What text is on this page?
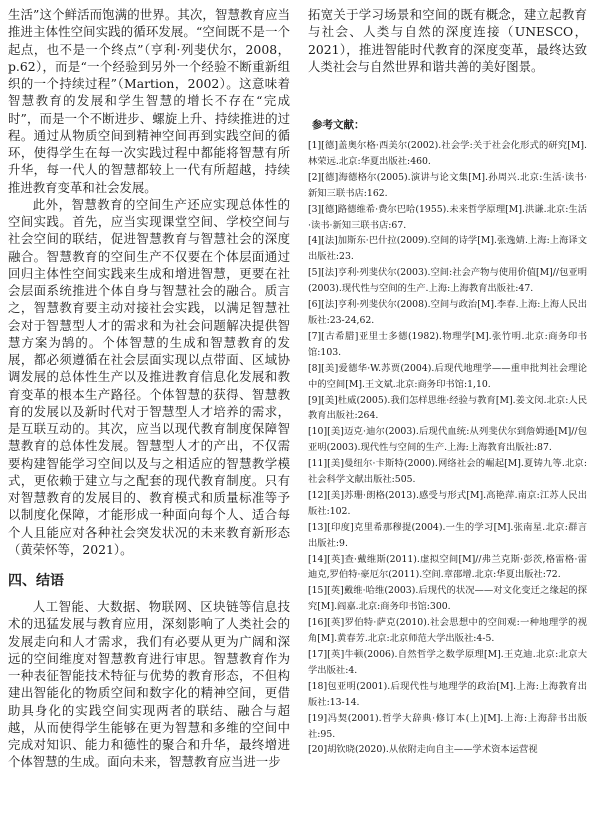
生活”这个鲜活而饱满的世界。其次，智慧教育应当推进主体性空间实践的循环发展。“空间既不是一个起点，也不是一个终点”（亨利·列斐伏尔，2008，p.62），而是“一个经验到另外一个经验不断重新组织的一个持续过程”（Martion，2002）。这意味着智慧教育的发展和学生智慧的增长不存在“完成时”，而是一个不断进步、螺旋上升、持续推进的过程。通过从物质空间到精神空间再到实践空间的循环，使得学生在每一次实践过程中都能将智慧有所升华，每一代人的智慧都较上一代有所超越，持续推进教育变革和社会发展。

此外，智慧教育的空间生产还应实现总体性的空间实践。首先，应当实现课堂空间、学校空间与社会空间的联结，促进智慧教育与智慧社会的深度融合。智慧教育的空间生产不仅要在个体层面通过回归主体性空间实践来生成和增进智慧，更要在社会层面系统推进个体自身与智慧社会的融合。质言之，智慧教育要主动对接社会实践，以满足智慧社会对于智慧型人才的需求和为社会问题解决提供智慧方案为鹄的。个体智慧的生成和智慧教育的发展，都必须遵循在社会层面实现以点带面、区域协调发展的总体性生产以及推进教育信息化发展和教育变革的根本生产路径。个体智慧的获得、智慧教育的发展以及新时代对于智慧型人才培养的需求，是互联互动的。其次，应当以现代教育制度保障智慧教育的总体性发展。智慧型人才的产出，不仅需要构建智能学习空间以及与之相适应的智慧教学模式，更依赖于建立与之配套的现代教育制度。只有对智慧教育的发展目的、教育模式和质量标准等予以制度化保障，才能形成一种面向每个人、适合每个人且能应对各种社会突发状况的未来教育新形态（黄荣怀等，2021）。

四、结语

人工智能、大数据、物联网、区块链等信息技术的迅猛发展与教育应用，深刻影响了人类社会的发展走向和人才需求，我们有必要从更为广阔和深远的空间维度对智慧教育进行审思。智慧教育作为一种表征智能技术特征与优势的教育形态，不但构建出智能化的物质空间和数字化的精神空间，更借助具身化的实践空间实现两者的联结、融合与超越，从而使得学生能够在更为智慧和多维的空间中完成对知识、能力和德性的聚合和升华，最终增进个体智慧的生成。面向未来，智慧教育应当进一步

拓宽关于学习场景和空间的既有概念，建立起教育与社会、人类与自然的深度连接（UNESCO，2021），推进智能时代教育的深度变革，最终达致人类社会与自然世界和谐共善的美好图景。

参考文献：

[1][德]盖奥尔格·西美尔(2002).社会学:关于社会化形式的研究[M].林荣远.北京:华夏出版社:460.

[2][德]海德格尔(2005).演讲与论文集[M].孙周兴.北京:生活·读书·新知三联书店:162.

[3][德]路德维希·费尔巴哈(1955).未来哲学原理[M].洪谦.北京:生活·读书·新知三联书店:67.

[4][法]加斯东·巴什拉(2009).空间的诗学[M].张逸婧.上海:上海译文出版社:23.

[5][法]亨利·列斐伏尔(2003).空间:社会产物与使用价值[M]//包亚明(2003).现代性与空间的生产.上海:上海教育出版社:47.

[6][法]亨利·列斐伏尔(2008).空间与政治[M].李春.上海:上海人民出版社:23-24,62.

[7][古希腊]亚里士多德(1982).物理学[M].张竹明.北京:商务印书馆:103.

[8][美]爱德华·W.苏贾(2004).后现代地理学——重申批判社会理论中的空间[M].王文斌.北京:商务印书馆:1,10.

[9][美]杜威(2005).我们怎样思维·经验与教育[M].姜文闵.北京:人民教育出版社:264.

[10][美]迈克·迪尔(2003).后现代血统:从列斐伏尔到詹姆逊[M]//包亚明(2003).现代性与空间的生产.上海:上海教育出版社:87.

[11][美]曼纽尔·卡斯特(2000).网络社会的崛起[M].夏铸九等.北京:社会科学文献出版社:505.

[12][美]苏珊·朗格(2013).感受与形式[M].高艳萍.南京:江苏人民出版社:102.

[13][印度]克里希那穆提(2004).一生的学习[M].张南星.北京:群言出版社:9.

[14][英]查·戴维斯(2011).虚拟空间[M]//弗兰克斯·彭茨,格雷格·雷迪克,罗伯特·豪厄尔(2011).空间.章邵增.北京:华夏出版社:72.

[15][英]戴维·哈维(2003).后现代的状况——对文化变迁之缘起的探究[M].阎嘉.北京:商务印书馆:300.

[16][英]罗伯特·萨克(2010).社会思想中的空间观:一种地理学的视角[M].黄春芳.北京:北京师范大学出版社:4-5.

[17][英]牛顿(2006).自然哲学之数学原理[M].王克迪.北京:北京大学出版社:4.

[18]包亚明(2001).后现代性与地理学的政治[M].上海:上海教育出版社:13-14.

[19]冯契(2001).哲学大辞典·修订本(上)[M].上海:上海辞书出版社:95.

[20]胡钦晓(2020).从依附走向自主——学术资本运营视
